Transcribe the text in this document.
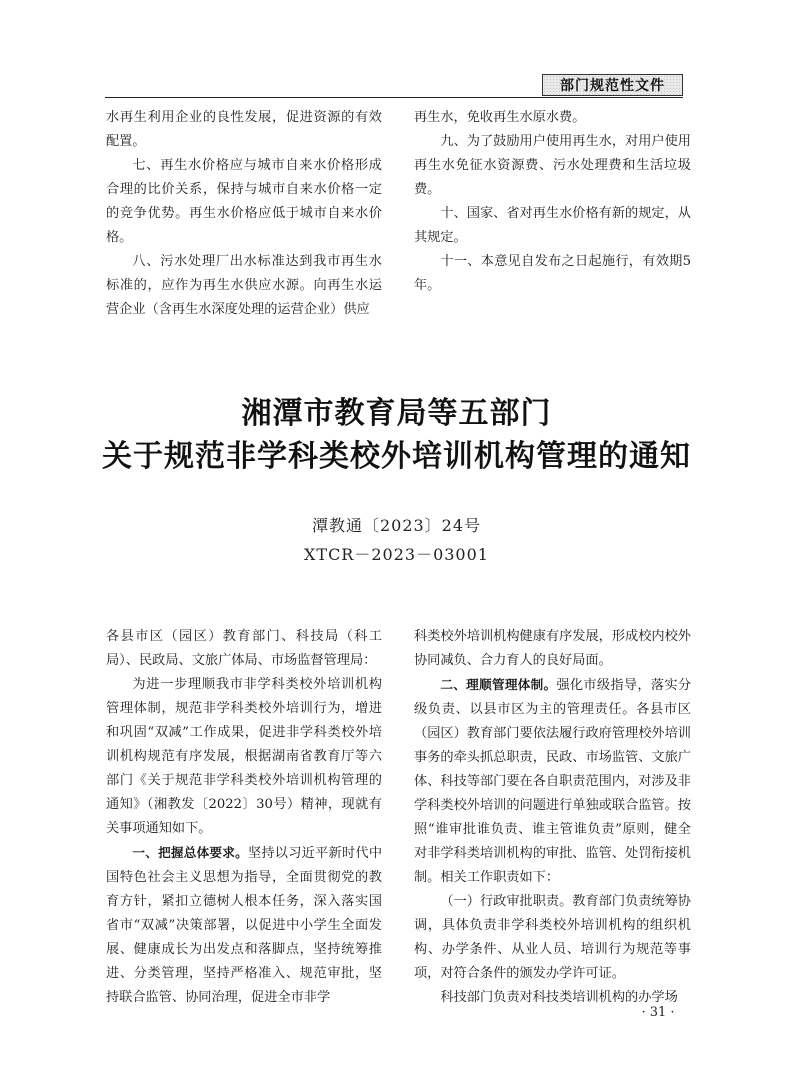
部门规范性文件

水再生利用企业的良性发展，促进资源的有效配置。

七、再生水价格应与城市自来水价格形成合理的比价关系，保持与城市自来水价格一定的竞争优势。再生水价格应低于城市自来水价格。

八、污水处理厂出水标准达到我市再生水标准的，应作为再生水供应水源。向再生水运营企业（含再生水深度处理的运营企业）供应

再生水，免收再生水原水费。

九、为了鼓励用户使用再生水，对用户使用再生水免征水资源费、污水处理费和生活垃圾费。

十、国家、省对再生水价格有新的规定，从其规定。

十一、本意见自发布之日起施行，有效期5年。

湘潭市教育局等五部门
关于规范非学科类校外培训机构管理的通知
潭教通〔2023〕24号
XTCR－2023－03001

各县市区（园区）教育部门、科技局（科工局）、民政局、文旅广体局、市场监督管理局：

为进一步理顺我市非学科类校外培训机构管理体制，规范非学科类校外培训行为，增进和巩固“双减”工作成果，促进非学科类校外培训机构规范有序发展，根据湖南省教育厅等六部门《关于规范非学科类校外培训机构管理的通知》（湘教发〔2022〕30号）精神，现就有关事项通知如下。

一、把握总体要求。坚持以习近平新时代中国特色社会主义思想为指导，全面贯彻党的教育方针，紧扣立德树人根本任务，深入落实国省市“双减”决策部署，以促进中小学生全面发展、健康成长为出发点和落脚点，坚持统筹推进、分类管理，坚持严格准入、规范审批，坚持联合监管、协同治理，促进全市非学

科类校外培训机构健康有序发展，形成校内校外协同减负、合力育人的良好局面。

二、理顺管理体制。强化市级指导，落实分级负责、以县市区为主的管理责任。各县市区（园区）教育部门要依法履行政府管理校外培训事务的牵头抓总职责，民政、市场监管、文旅广体、科技等部门要在各自职责范围内，对涉及非学科类校外培训的问题进行单独或联合监管。按照“谁审批谁负责、谁主管谁负责”原则，健全对非学科类培训机构的审批、监管、处罚衔接机制。相关工作职责如下：

（一）行政审批职责。教育部门负责统筹协调，具体负责非学科类校外培训机构的组织机构、办学条件、从业人员、培训行为规范等事项，对符合条件的颁发办学许可证。

科技部门负责对科技类培训机构的办学场

· 31 ·
